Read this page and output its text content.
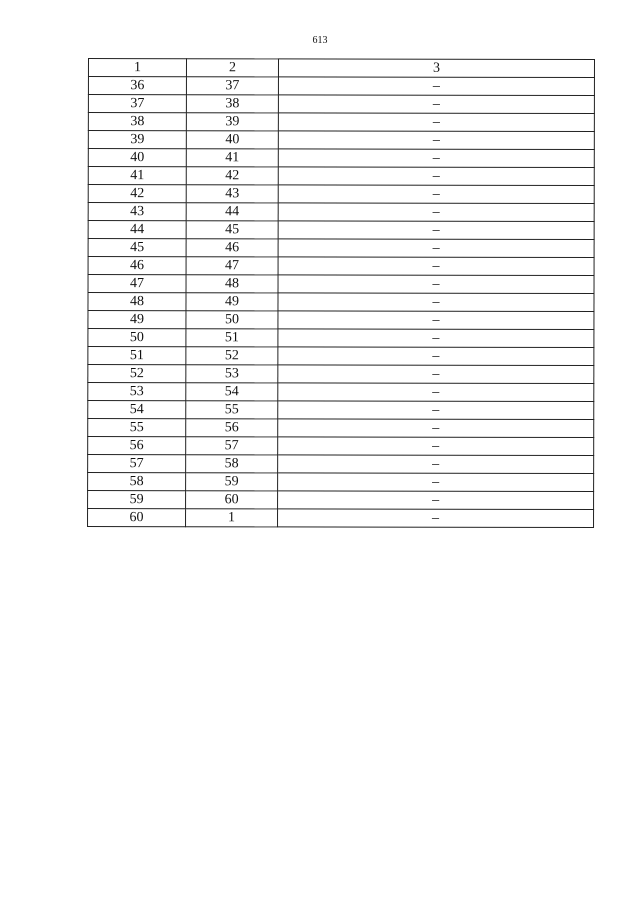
613
1	2	3
36	37	–
37	38	–
38	39	–
39	40	–
40	41	–
41	42	–
42	43	–
43	44	–
44	45	–
45	46	–
46	47	–
47	48	–
48	49	–
49	50	–
50	51	–
51	52	–
52	53	–
53	54	–
54	55	–
55	56	–
56	57	–
57	58	–
58	59	–
59	60	–
60	1	–
